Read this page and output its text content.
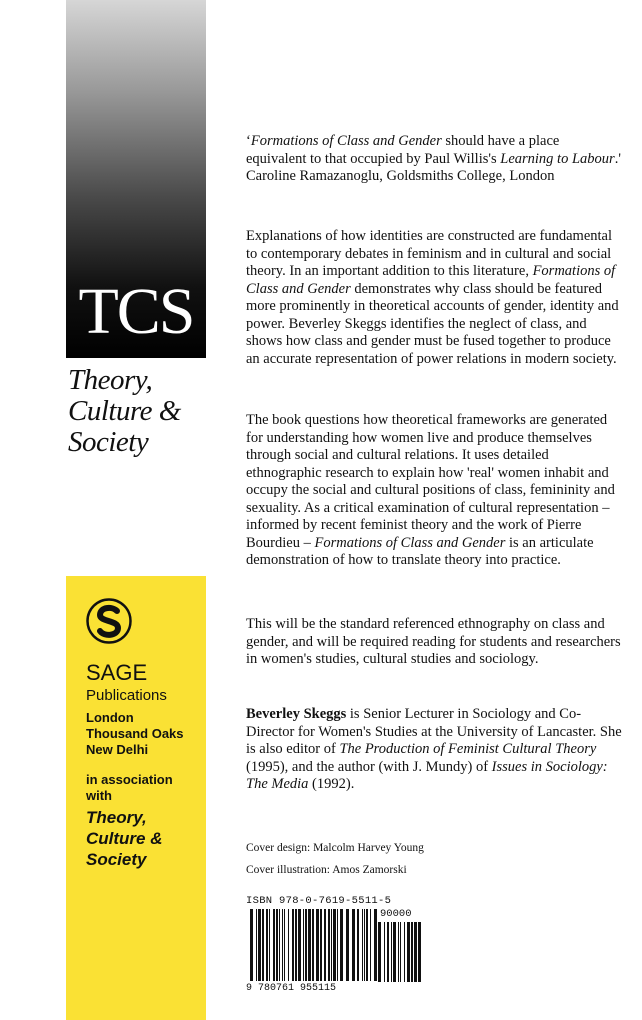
TCS
Theory,
Culture &
Society
SAGE
Publications
London
Thousand Oaks
New Delhi
in association
with
Theory,
Culture &
Society

‘Formations of Class and Gender should have a place equivalent to that occupied by Paul Willis's Learning to Labour.' Caroline Ramazanoglu, Goldsmiths College, London

Explanations of how identities are constructed are fundamental to contemporary debates in feminism and in cultural and social theory. In an important addition to this literature, Formations of Class and Gender demonstrates why class should be featured more prominently in theoretical accounts of gender, identity and power. Beverley Skeggs identifies the neglect of class, and shows how class and gender must be fused together to produce an accurate representation of power relations in modern society.

The book questions how theoretical frameworks are generated for understanding how women live and produce themselves through social and cultural relations. It uses detailed ethnographic research to explain how 'real' women inhabit and occupy the social and cultural positions of class, femininity and sexuality. As a critical examination of cultural representation – informed by recent feminist theory and the work of Pierre Bourdieu – Formations of Class and Gender is an articulate demonstration of how to translate theory into practice.

This will be the standard referenced ethnography on class and gender, and will be required reading for students and researchers in women's studies, cultural studies and sociology.

Beverley Skeggs is Senior Lecturer in Sociology and Co-Director for Women's Studies at the University of Lancaster. She is also editor of The Production of Feminist Cultural Theory (1995), and the author (with J. Mundy) of Issues in Sociology: The Media (1992).

Cover design: Malcolm Harvey Young
Cover illustration: Amos Zamorski
ISBN 978-0-7619-5511-5
90000
9 780761 955115
